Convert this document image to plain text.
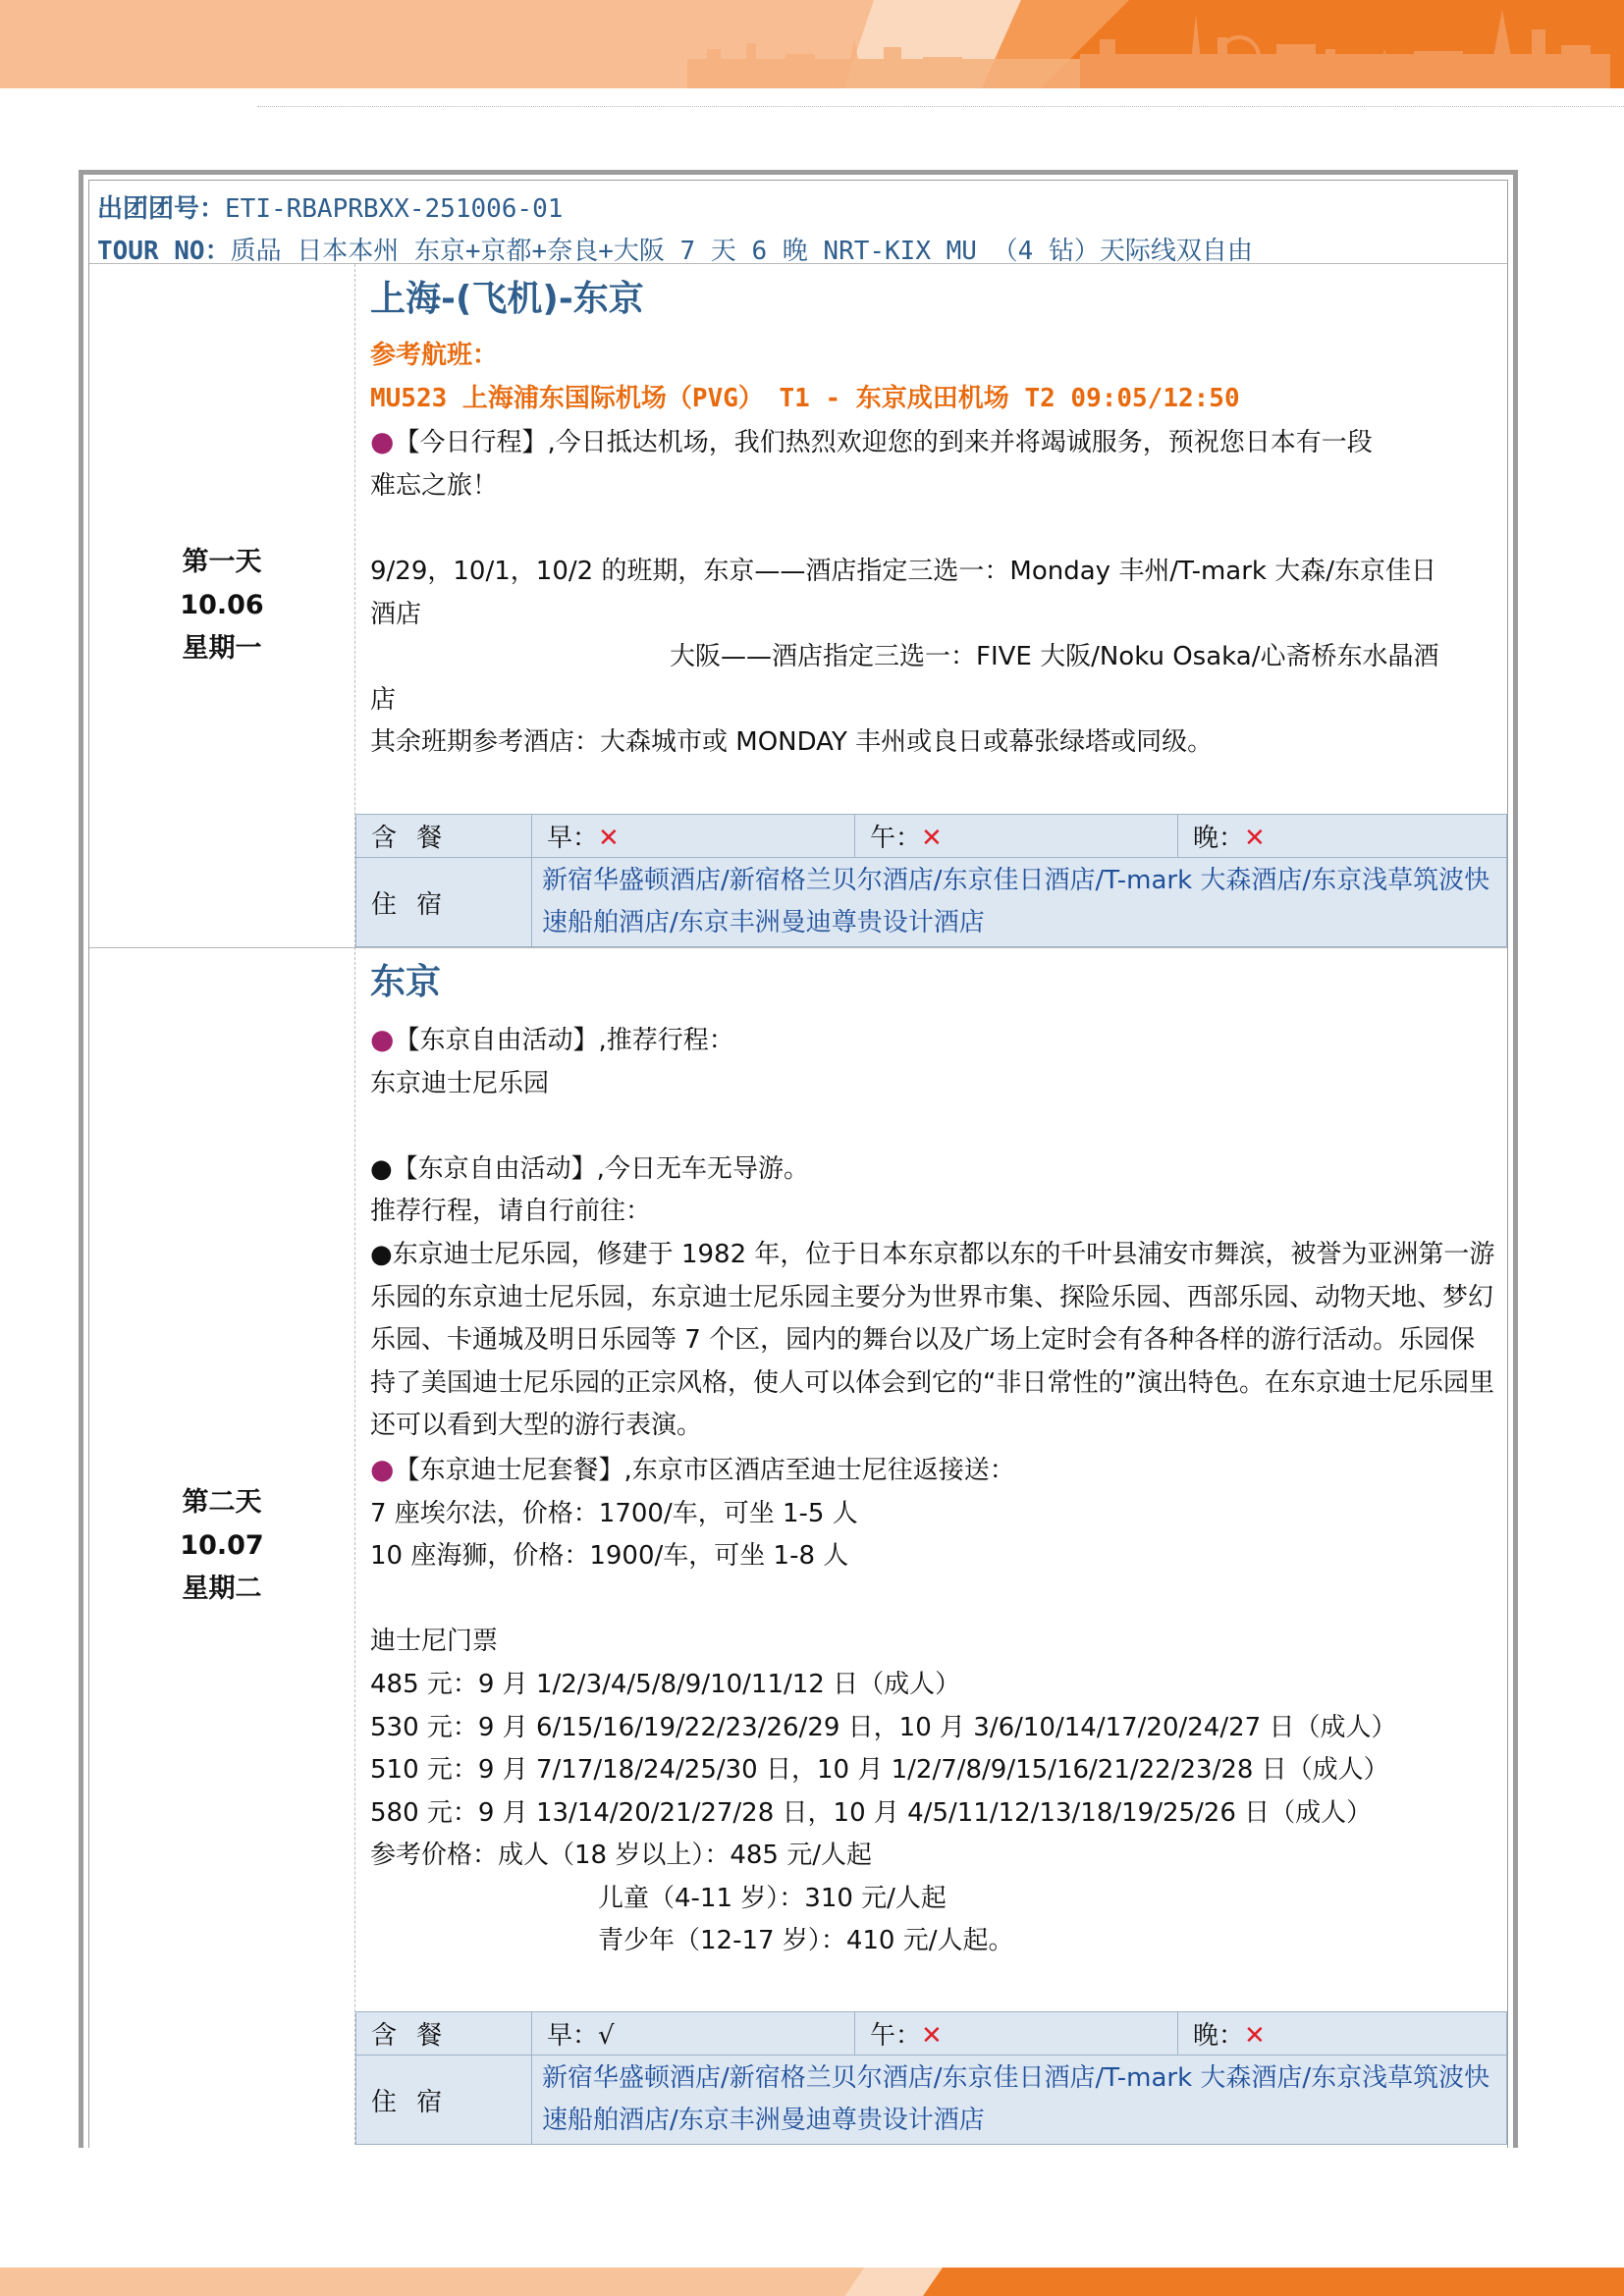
出团团号：ETI-RBAPRBXX-251006-01
TOUR NO：质品 日本本州 东京+京都+奈良+大阪 7 天 6 晚 NRT-KIX MU （4 钻）天际线双自由
第一天
10.06
星期一

上海-(飞机)-东京

参考航班：

MU523 上海浦东国际机场（PVG） T1 - 东京成田机场 T2 09:05/12:50

●【今日行程】,今日抵达机场，我们热烈欢迎您的到来并将竭诚服务，预祝您日本有一段

难忘之旅！

9/29，10/1，10/2 的班期，东京——酒店指定三选一：Monday 丰州/T-mark 大森/东京佳日

酒店

大阪——酒店指定三选一：FIVE 大阪/Noku Osaka/心斋桥东水晶酒

店

其余班期参考酒店：大森城市或 MONDAY 丰州或良日或幕张绿塔或同级。

含 餐	早：✕	午：✕	晚：✕
住 宿	新宿华盛顿酒店/新宿格兰贝尔酒店/东京佳日酒店/T-mark 大森酒店/东京浅草筑波快速船舶酒店/东京丰洲曼迪尊贵设计酒店		
第二天
10.07
星期二

东京

●【东京自由活动】,推荐行程：

东京迪士尼乐园

●【东京自由活动】,今日无车无导游。

推荐行程，请自行前往：

●东京迪士尼乐园，修建于 1982 年，位于日本东京都以东的千叶县浦安市舞滨，被誉为亚洲第一游乐园的东京迪士尼乐园，东京迪士尼乐园主要分为世界市集、探险乐园、西部乐园、动物天地、梦幻乐园、卡通城及明日乐园等 7 个区，园内的舞台以及广场上定时会有各种各样的游行活动。乐园保持了美国迪士尼乐园的正宗风格，使人可以体会到它的“非日常性的”演出特色。在东京迪士尼乐园里还可以看到大型的游行表演。

●【东京迪士尼套餐】,东京市区酒店至迪士尼往返接送：

7 座埃尔法，价格：1700/车，可坐 1-5 人

10 座海狮，价格：1900/车，可坐 1-8 人

迪士尼门票

485 元：9 月 1/2/3/4/5/8/9/10/11/12 日（成人）

530 元：9 月 6/15/16/19/22/23/26/29 日，10 月 3/6/10/14/17/20/24/27 日（成人）

510 元：9 月 7/17/18/24/25/30 日，10 月 1/2/7/8/9/15/16/21/22/23/28 日（成人）

580 元：9 月 13/14/20/21/27/28 日，10 月 4/5/11/12/13/18/19/25/26 日（成人）

参考价格：成人（18 岁以上）：485 元/人起

儿童（4-11 岁）：310 元/人起

青少年（12-17 岁）：410 元/人起。

含 餐	早：√	午：✕	晚：✕
住 宿	新宿华盛顿酒店/新宿格兰贝尔酒店/东京佳日酒店/T-mark 大森酒店/东京浅草筑波快速船舶酒店/东京丰洲曼迪尊贵设计酒店		
